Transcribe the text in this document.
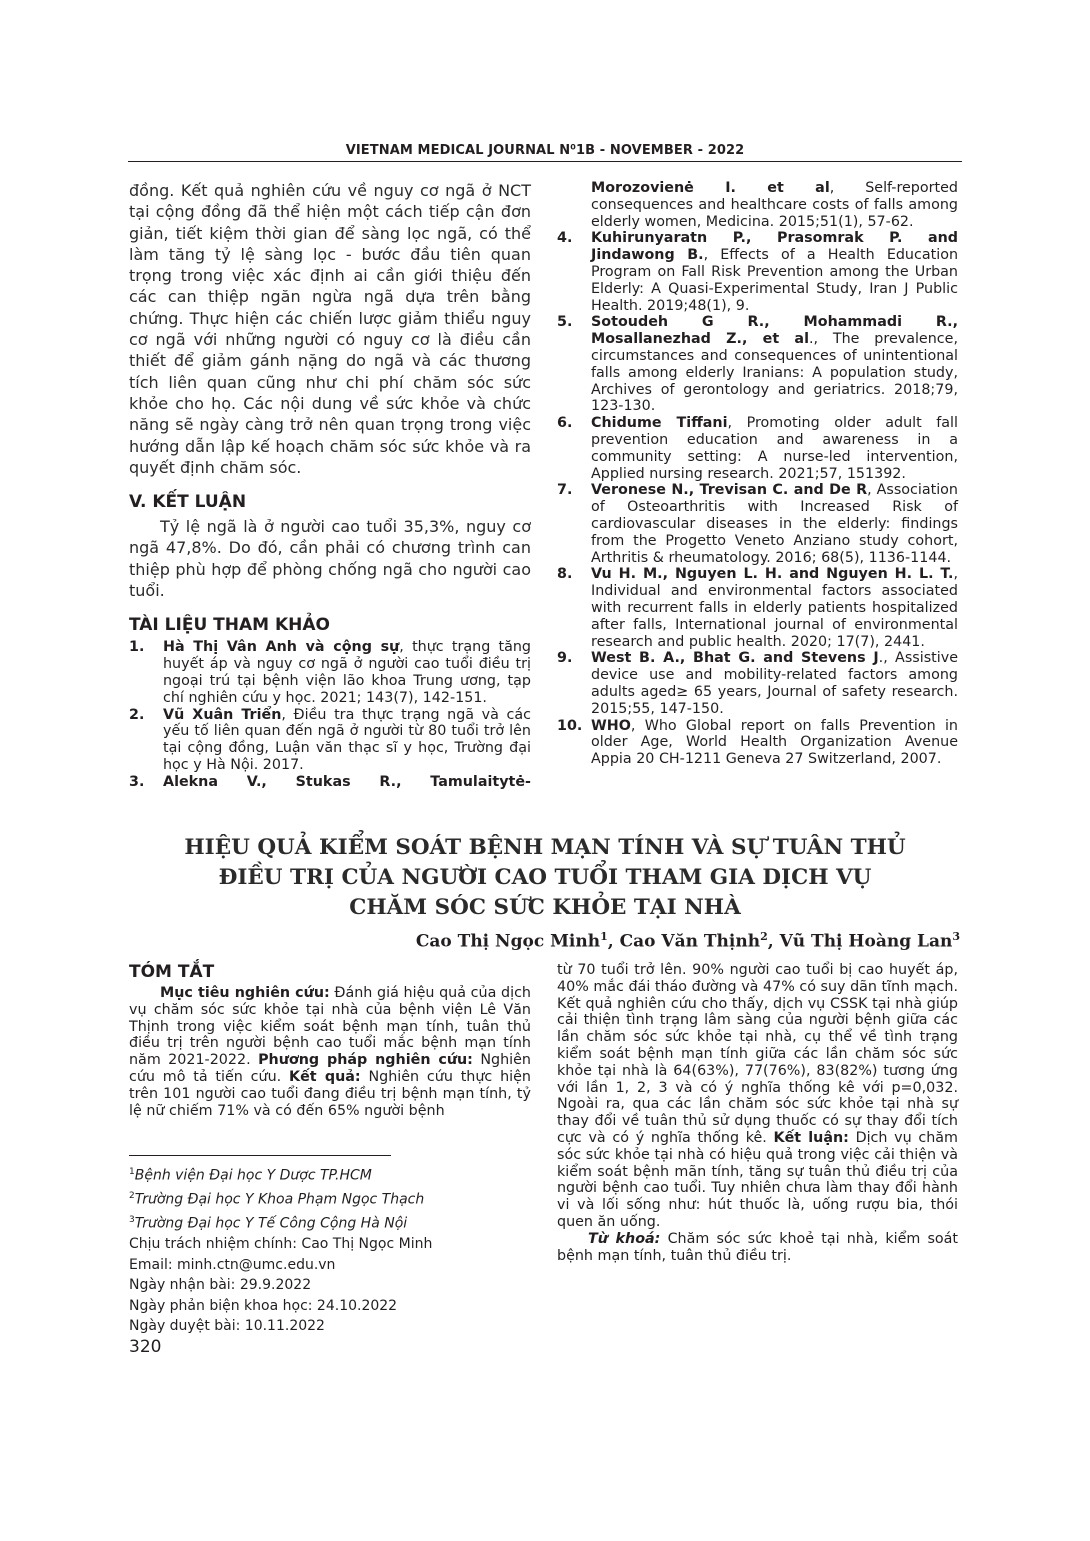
VIETNAM MEDICAL JOURNAL N⁰1B - NOVEMBER - 2022

đồng. Kết quả nghiên cứu về nguy cơ ngã ở NCT tại cộng đồng đã thể hiện một cách tiếp cận đơn giản, tiết kiệm thời gian để sàng lọc ngã, có thể làm tăng tỷ lệ sàng lọc - bước đầu tiên quan trọng trong việc xác định ai cần giới thiệu đến các can thiệp ngăn ngừa ngã dựa trên bằng chứng. Thực hiện các chiến lược giảm thiểu nguy cơ ngã với những người có nguy cơ là điều cần thiết để giảm gánh nặng do ngã và các thương tích liên quan cũng như chi phí chăm sóc sức khỏe cho họ. Các nội dung về sức khỏe và chức năng sẽ ngày càng trở nên quan trọng trong việc hướng dẫn lập kế hoạch chăm sóc sức khỏe và ra quyết định chăm sóc.

V. KẾT LUẬN

Tỷ lệ ngã là ở người cao tuổi 35,3%, nguy cơ ngã 47,8%. Do đó, cần phải có chương trình can thiệp phù hợp để phòng chống ngã cho người cao tuổi.

TÀI LIỆU THAM KHẢO
1. Hà Thị Vân Anh và cộng sự, thực trạng tăng huyết áp và nguy cơ ngã ở người cao tuổi điều trị ngoại trú tại bệnh viện lão khoa Trung ương, tạp chí nghiên cứu y học. 2021; 143(7), 142-151.
2. Vũ Xuân Triển, Điều tra thực trạng ngã và các yếu tố liên quan đến ngã ở người từ 80 tuổi trở lên tại cộng đồng, Luận văn thạc sĩ y học, Trường đại học y Hà Nội. 2017.
3. Alekna V., Stukas R., Tamulaitytė-

Morozovienė I. et al, Self-reported consequences and healthcare costs of falls among elderly women, Medicina. 2015;51(1), 57-62.

4. Kuhirunyaratn P., Prasomrak P. and Jindawong B., Effects of a Health Education Program on Fall Risk Prevention among the Urban Elderly: A Quasi-Experimental Study, Iran J Public Health. 2019;48(1), 9.
5. Sotoudeh G R., Mohammadi R., Mosallanezhad Z., et al., The prevalence, circumstances and consequences of unintentional falls among elderly Iranians: A population study, Archives of gerontology and geriatrics. 2018;79, 123-130.
6. Chidume Tiffani, Promoting older adult fall prevention education and awareness in a community setting: A nurse-led intervention, Applied nursing research. 2021;57, 151392.
7. Veronese N., Trevisan C. and De R, Association of Osteoarthritis with Increased Risk of cardiovascular diseases in the elderly: findings from the Progetto Veneto Anziano study cohort, Arthritis & rheumatology. 2016; 68(5), 1136-1144.
8. Vu H. M., Nguyen L. H. and Nguyen H. L. T., Individual and environmental factors associated with recurrent falls in elderly patients hospitalized after falls, International journal of environmental research and public health. 2020; 17(7), 2441.
9. West B. A., Bhat G. and Stevens J., Assistive device use and mobility-related factors among adults aged≥ 65 years, Journal of safety research. 2015;55, 147-150.
10. WHO, Who Global report on falls Prevention in older Age, World Health Organization Avenue Appia 20 CH-1211 Geneva 27 Switzerland, 2007.
HIỆU QUẢ KIỂM SOÁT BỆNH MẠN TÍNH VÀ SỰ TUÂN THỦ
ĐIỀU TRỊ CỦA NGƯỜI CAO TUỔI THAM GIA DỊCH VỤ
CHĂM SÓC SỨC KHỎE TẠI NHÀ
Cao Thị Ngọc Minh$^1$, Cao Văn Thịnh$^2$, Vũ Thị Hoàng Lan$^3$
TÓM TẮT

Mục tiêu nghiên cứu: Đánh giá hiệu quả của dịch vụ chăm sóc sức khỏe tại nhà của bệnh viện Lê Văn Thịnh trong việc kiểm soát bệnh mạn tính, tuân thủ điều trị trên người bệnh cao tuổi mắc bệnh mạn tính năm 2021-2022. Phương pháp nghiên cứu: Nghiên cứu mô tả tiến cứu. Kết quả: Nghiên cứu thực hiện trên 101 người cao tuổi đang điều trị bệnh mạn tính, tỷ lệ nữ chiếm 71% và có đến 65% người bệnh

từ 70 tuổi trở lên. 90% người cao tuổi bị cao huyết áp, 40% mắc đái tháo đường và 47% có suy dãn tĩnh mạch. Kết quả nghiên cứu cho thấy, dịch vụ CSSK tại nhà giúp cải thiện tình trạng lâm sàng của người bệnh giữa các lần chăm sóc sức khỏe tại nhà, cụ thể về tình trạng kiểm soát bệnh mạn tính giữa các lần chăm sóc sức khỏe tại nhà là 64(63%), 77(76%), 83(82%) tương ứng với lần 1, 2, 3 và có ý nghĩa thống kê với p=0,032. Ngoài ra, qua các lần chăm sóc sức khỏe tại nhà sự thay đổi về tuân thủ sử dụng thuốc có sự thay đổi tích cực và có ý nghĩa thống kê. Kết luận: Dịch vụ chăm sóc sức khỏe tại nhà có hiệu quả trong việc cải thiện và kiểm soát bệnh mãn tính, tăng sự tuân thủ điều trị của người bệnh cao tuổi. Tuy nhiên chưa làm thay đổi hành vi và lối sống như: hút thuốc là, uống rượu bia, thói quen ăn uống.

Từ khoá: Chăm sóc sức khoẻ tại nhà, kiểm soát bệnh mạn tính, tuân thủ điều trị.

$^1$Bệnh viện Đại học Y Dược TP.HCM

$^2$Trường Đại học Y Khoa Phạm Ngọc Thạch

$^3$Trường Đại học Y Tế Công Cộng Hà Nội

Chịu trách nhiệm chính: Cao Thị Ngọc Minh

Email: minh.ctn@umc.edu.vn

Ngày nhận bài: 29.9.2022

Ngày phản biện khoa học: 24.10.2022

Ngày duyệt bài: 10.11.2022

320
